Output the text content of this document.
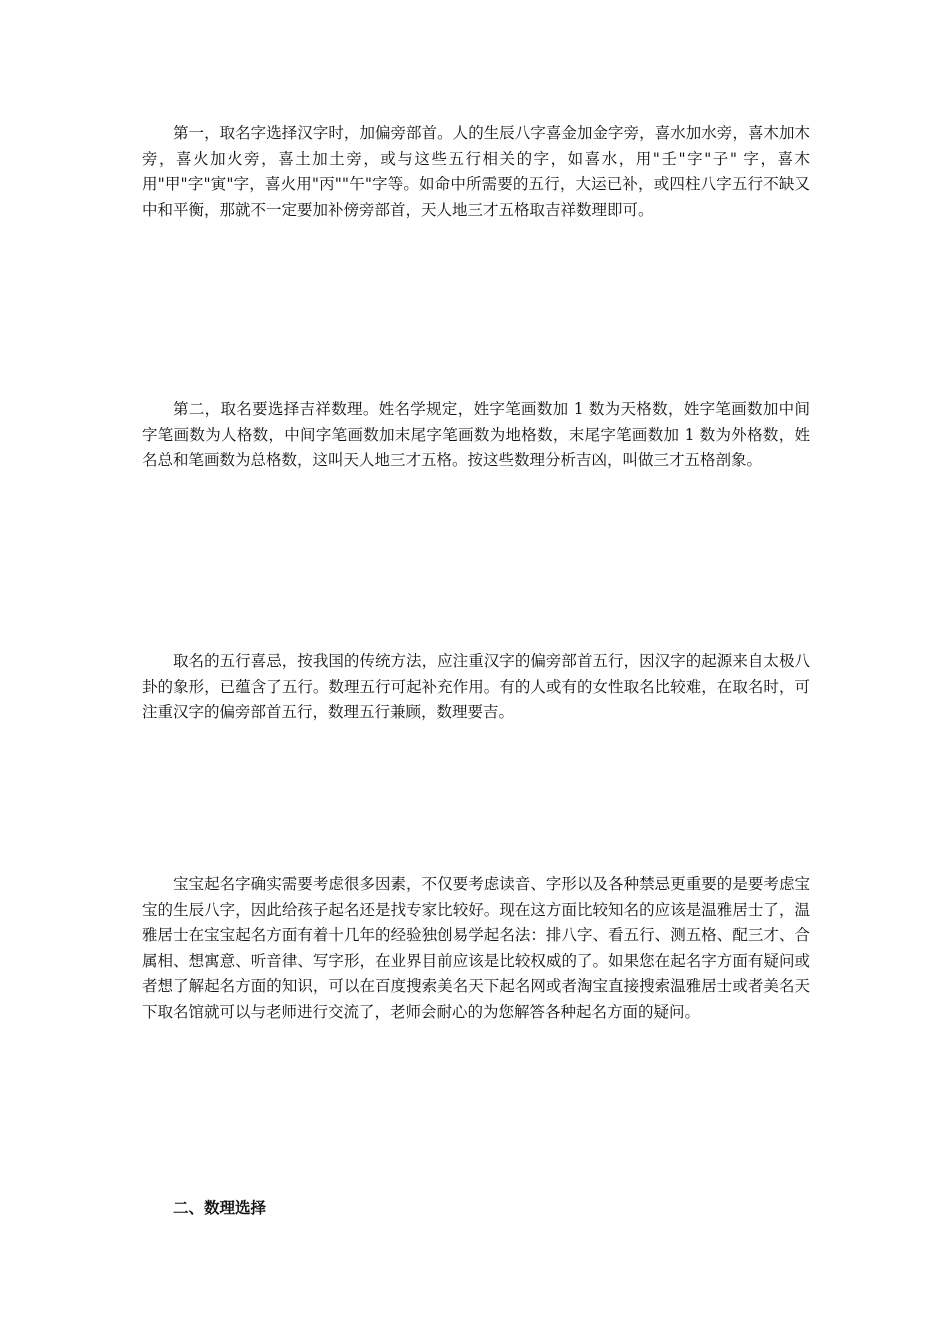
第一，取名字选择汉字时，加偏旁部首。人的生辰八字喜金加金字旁，喜水加水旁，喜木加木旁，喜火加火旁，喜土加土旁，或与这些五行相关的字，如喜水，用"壬"字"子" 字，喜木用"甲"字"寅"字，喜火用"丙""午"字等。如命中所需要的五行，大运已补，或四柱八字五行不缺又中和平衡，那就不一定要加补傍旁部首，天人地三才五格取吉祥数理即可。

第二，取名要选择吉祥数理。姓名学规定，姓字笔画数加 1 数为天格数，姓字笔画数加中间字笔画数为人格数，中间字笔画数加末尾字笔画数为地格数，末尾字笔画数加 1 数为外格数，姓名总和笔画数为总格数，这叫天人地三才五格。按这些数理分析吉凶，叫做三才五格剖象。

取名的五行喜忌，按我国的传统方法，应注重汉字的偏旁部首五行，因汉字的起源来自太极八卦的象形，已蕴含了五行。数理五行可起补充作用。有的人或有的女性取名比较难，在取名时，可注重汉字的偏旁部首五行，数理五行兼顾，数理要吉。

宝宝起名字确实需要考虑很多因素，不仅要考虑读音、字形以及各种禁忌更重要的是要考虑宝宝的生辰八字，因此给孩子起名还是找专家比较好。现在这方面比较知名的应该是温雅居士了，温雅居士在宝宝起名方面有着十几年的经验独创易学起名法：排八字、看五行、测五格、配三才、合属相、想寓意、听音律、写字形，在业界目前应该是比较权威的了。如果您在起名字方面有疑问或者想了解起名方面的知识，可以在百度搜索美名天下起名网或者淘宝直接搜索温雅居士或者美名天下取名馆就可以与老师进行交流了，老师会耐心的为您解答各种起名方面的疑问。

二、数理选择
